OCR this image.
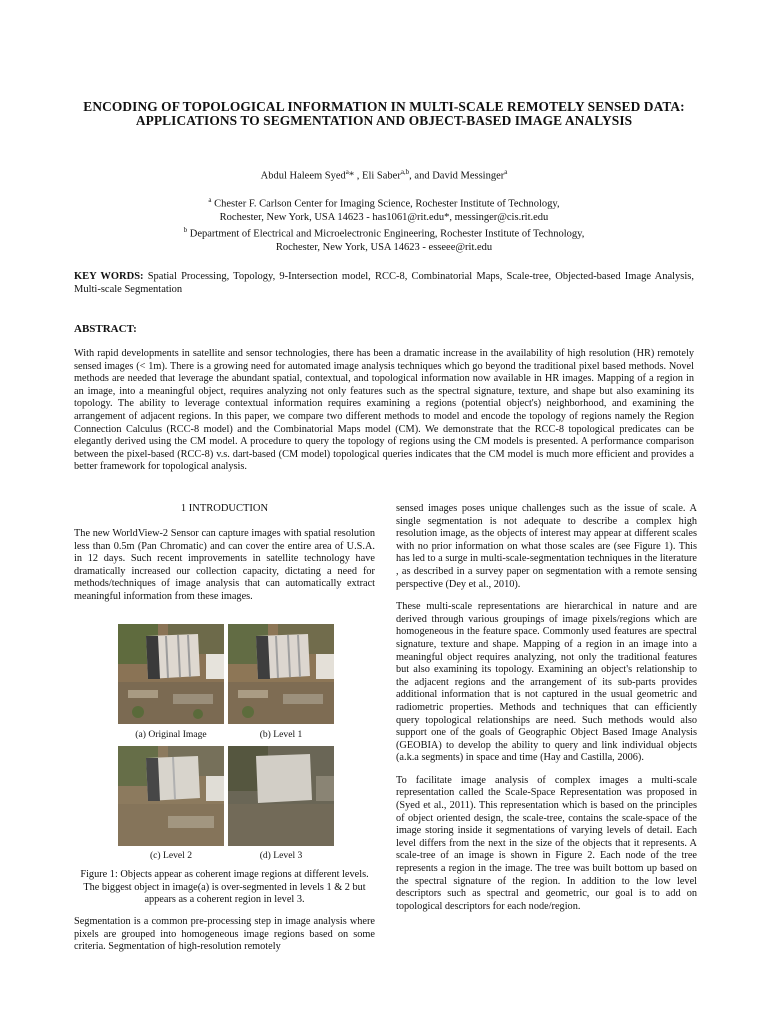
ENCODING OF TOPOLOGICAL INFORMATION IN MULTI-SCALE REMOTELY SENSED DATA: APPLICATIONS TO SEGMENTATION AND OBJECT-BASED IMAGE ANALYSIS
Abdul Haleem Syed$^a$* , Eli Saber$^{a,b}$, and David Messinger$^a$
$^a$ Chester F. Carlson Center for Imaging Science, Rochester Institute of Technology,
Rochester, New York, USA 14623 - has1061@rit.edu*, messinger@cis.rit.edu
$^b$ Department of Electrical and Microelectronic Engineering, Rochester Institute of Technology,
Rochester, New York, USA 14623 - esseee@rit.edu
KEY WORDS: Spatial Processing, Topology, 9-Intersection model, RCC-8, Combinatorial Maps, Scale-tree, Objected-based Image Analysis, Multi-scale Segmentation
ABSTRACT:
With rapid developments in satellite and sensor technologies, there has been a dramatic increase in the availability of high resolution (HR) remotely sensed images (< 1m). There is a growing need for automated image analysis techniques which go beyond the traditional pixel based methods. Novel methods are needed that leverage the abundant spatial, contextual, and topological information now available in HR images. Mapping of a region in an image, into a meaningful object, requires analyzing not only features such as the spectral signature, texture, and shape but also examining its topology. The ability to leverage contextual information requires examining a regions (potential object's) neighborhood, and examining the arrangement of adjacent regions. In this paper, we compare two different methods to model and encode the topology of regions namely the Region Connection Calculus (RCC-8 model) and the Combinatorial Maps model (CM). We demonstrate that the RCC-8 topological predicates can be elegantly derived using the CM model. A procedure to query the topology of regions using the CM models is presented. A performance comparison between the pixel-based (RCC-8) v.s. dart-based (CM model) topological queries indicates that the CM model is much more efficient and provides a better framework for topological analysis.
1 INTRODUCTION

The new WorldView-2 Sensor can capture images with spatial resolution less than 0.5m (Pan Chromatic) and can cover the entire area of U.S.A. in 12 days. Such recent improvements in satellite technology have dramatically increased our collection capacity, dictating a need for methods/techniques of image analysis that can automatically extract meaningful information from these images.

(a) Original Image	(b) Level 1
(c) Level 2	(d) Level 3
Figure 1: Objects appear as coherent image regions at different levels. The biggest object in image(a) is over-segmented in levels 1 & 2 but appears as a coherent region in level 3.

Segmentation is a common pre-processing step in image analysis where pixels are grouped into homogeneous image regions based on some criteria. Segmentation of high-resolution remotely

sensed images poses unique challenges such as the issue of scale. A single segmentation is not adequate to describe a complex high resolution image, as the objects of interest may appear at different scales with no prior information on what those scales are (see Figure 1). This has led to a surge in multi-scale-segmentation techniques in the literature , as described in a survey paper on segmentation with a remote sensing perspective (Dey et al., 2010).

These multi-scale representations are hierarchical in nature and are derived through various groupings of image pixels/regions which are homogeneous in the feature space. Commonly used features are spectral signature, texture and shape. Mapping of a region in an image into a meaningful object requires analyzing, not only the traditional features but also examining its topology. Examining an object's relationship to the adjacent regions and the arrangement of its sub-parts provides additional information that is not captured in the usual geometric and radiometric properties. Methods and techniques that can efficiently query topological relationships are need. Such methods would also support one of the goals of Geographic Object Based Image Analysis (GEOBIA) to develop the ability to query and link individual objects (a.k.a segments) in space and time (Hay and Castilla, 2006).

To facilitate image analysis of complex images a multi-scale representation called the Scale-Space Representation was proposed in (Syed et al., 2011). This representation which is based on the principles of object oriented design, the scale-tree, contains the scale-space of the image storing inside it segmentations of varying levels of detail. Each level differs from the next in the size of the objects that it represents. A scale-tree of an image is shown in Figure 2. Each node of the tree represents a region in the image. The tree was built bottom up based on the spectral signature of the region. In addition to the low level descriptors such as spectral and geometric, our goal is to add on topological descriptors for each node/region.
